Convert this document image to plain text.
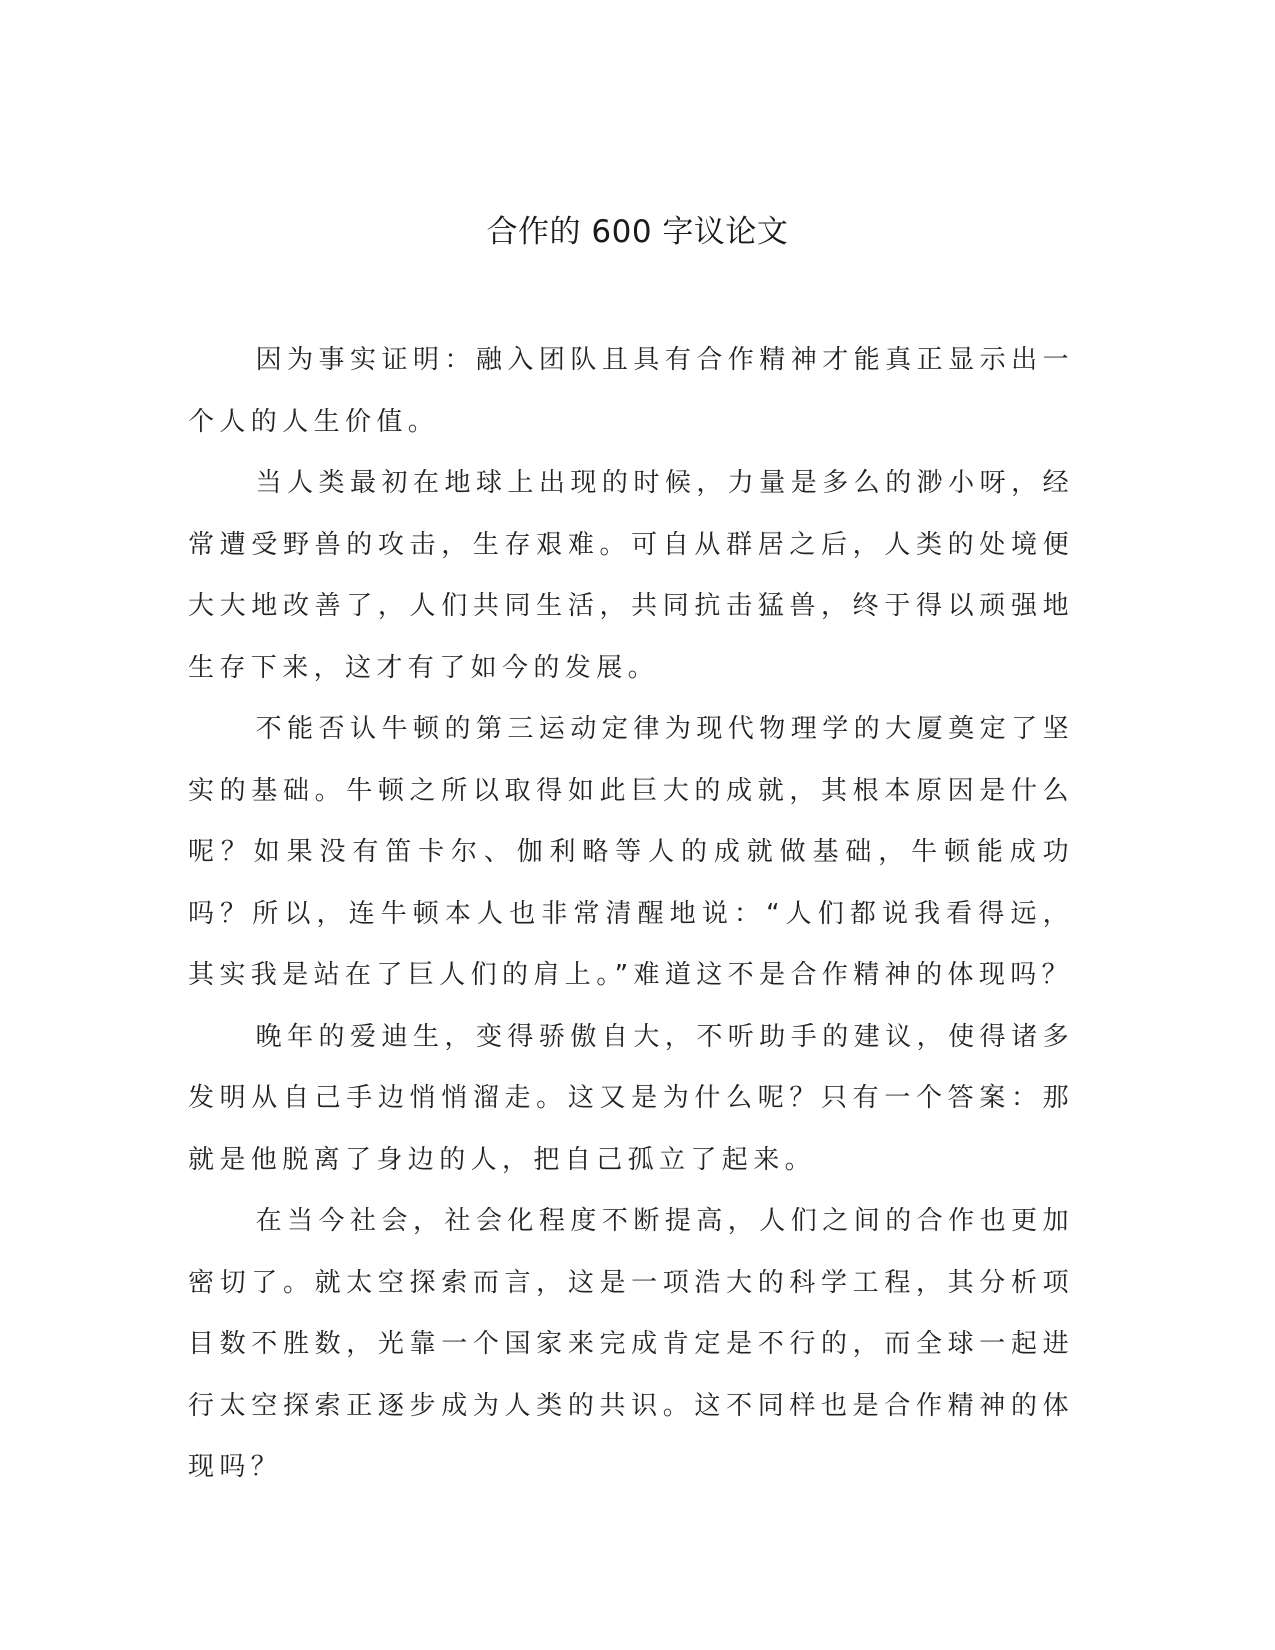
合作的 600 字议论文

因为事实证明：融入团队且具有合作精神才能真正显示出一个人的人生价值。

当人类最初在地球上出现的时候，力量是多么的渺小呀，经常遭受野兽的攻击，生存艰难。可自从群居之后，人类的处境便大大地改善了，人们共同生活，共同抗击猛兽，终于得以顽强地生存下来，这才有了如今的发展。

不能否认牛顿的第三运动定律为现代物理学的大厦奠定了坚实的基础。牛顿之所以取得如此巨大的成就，其根本原因是什么呢？如果没有笛卡尔、伽利略等人的成就做基础，牛顿能成功吗？所以，连牛顿本人也非常清醒地说：“人们都说我看得远，其实我是站在了巨人们的肩上。”难道这不是合作精神的体现吗？

晚年的爱迪生，变得骄傲自大，不听助手的建议，使得诸多发明从自己手边悄悄溜走。这又是为什么呢？只有一个答案：那就是他脱离了身边的人，把自己孤立了起来。

在当今社会，社会化程度不断提高，人们之间的合作也更加密切了。就太空探索而言，这是一项浩大的科学工程，其分析项目数不胜数，光靠一个国家来完成肯定是不行的，而全球一起进行太空探索正逐步成为人类的共识。这不同样也是合作精神的体现吗？
